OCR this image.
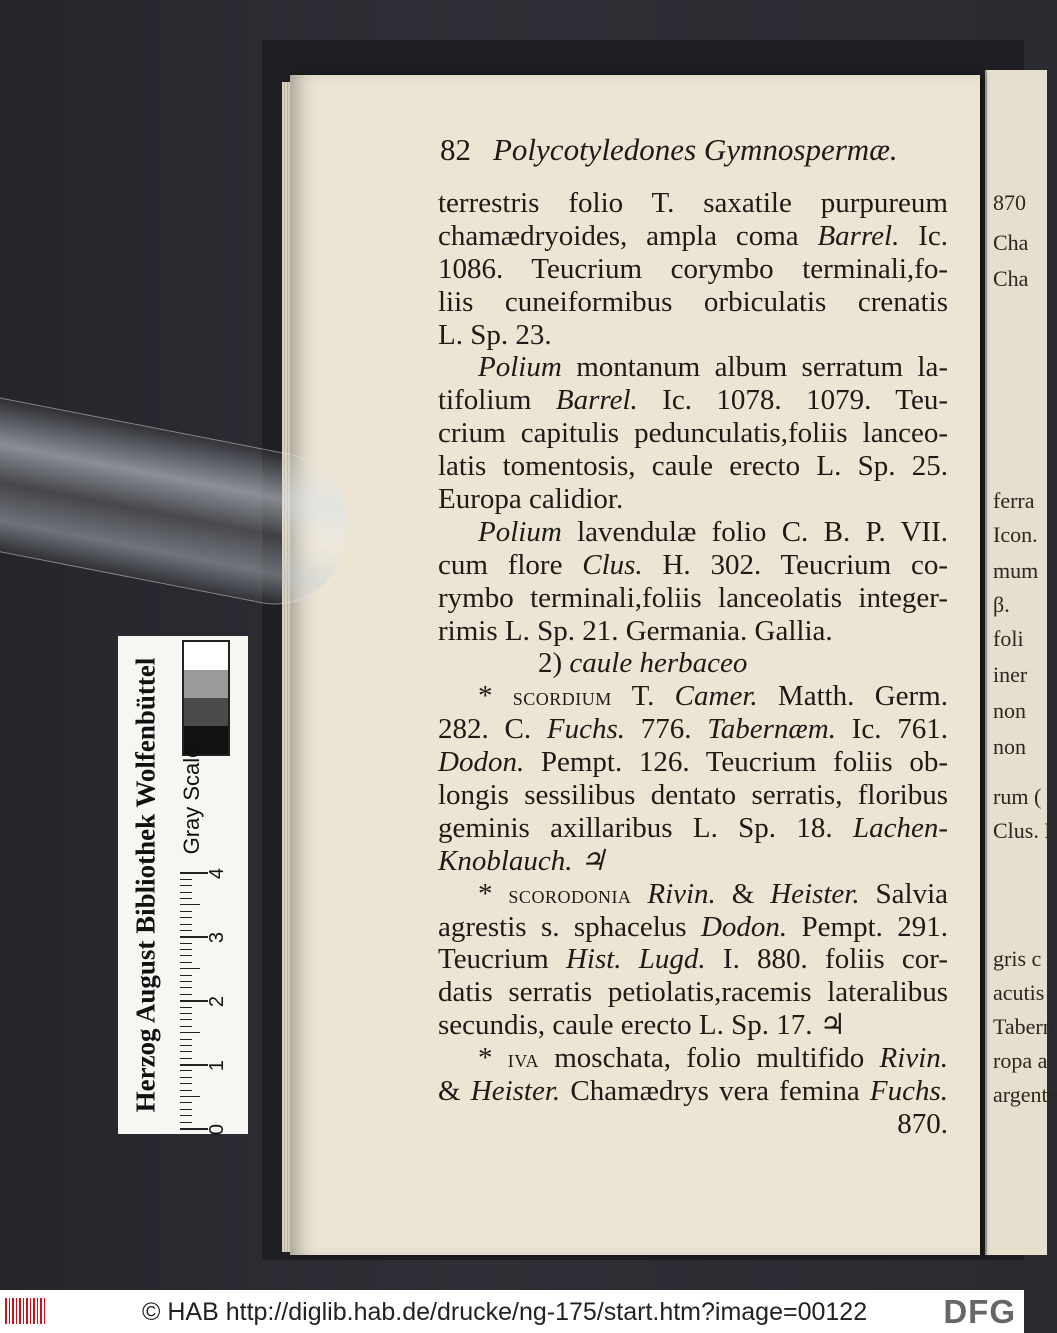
870
Cha
Cha
ferra
Icon.
mum
β.
foli
iner
non
non
rum (
Clus. F
gris c
acutis
Tabern
ropa a
argente
82 Polycotyledones Gymnospermæ.
terrestris folio T. saxatile purpureum
chamædryoides, ampla coma Barrel. Ic.
1086. Teucrium corymbo terminali,fo-
liis cuneiformibus orbiculatis crenatis
L. Sp. 23.
Polium montanum album serratum la-
tifolium Barrel. Ic. 1078. 1079. Teu-
crium capitulis pedunculatis,foliis lanceo-
latis tomentosis, caule erecto L. Sp. 25.
Europa calidior.
Polium lavendulæ folio C. B. P. VII.
cum flore Clus. H. 302. Teucrium co-
rymbo terminali,foliis lanceolatis integer-
rimis L. Sp. 21. Germania. Gallia.
2) caule herbaceo
* scordium T. Camer. Matth. Germ.
282. C. Fuchs. 776. Tabernæm. Ic. 761.
Dodon. Pempt. 126. Teucrium foliis ob-
longis sessilibus dentato serratis, floribus
geminis axillaribus L. Sp. 18. Lachen-
Knoblauch. ♃
* scorodonia Rivin. & Heister. Salvia
agrestis s. sphacelus Dodon. Pempt. 291.
Teucrium Hist. Lugd. I. 880. foliis cor-
datis serratis petiolatis,racemis lateralibus
secundis, caule erecto L. Sp. 17. ♃
* iva moschata, folio multifido Rivin.
& Heister. Chamædrys vera femina Fuchs.
870.
Herzog August Bibliothek Wolfenbüttel Gray Scale
0
1
2
3
4
© HAB http://diglib.hab.de/drucke/ng-175/start.htm?image=00122 DFG
